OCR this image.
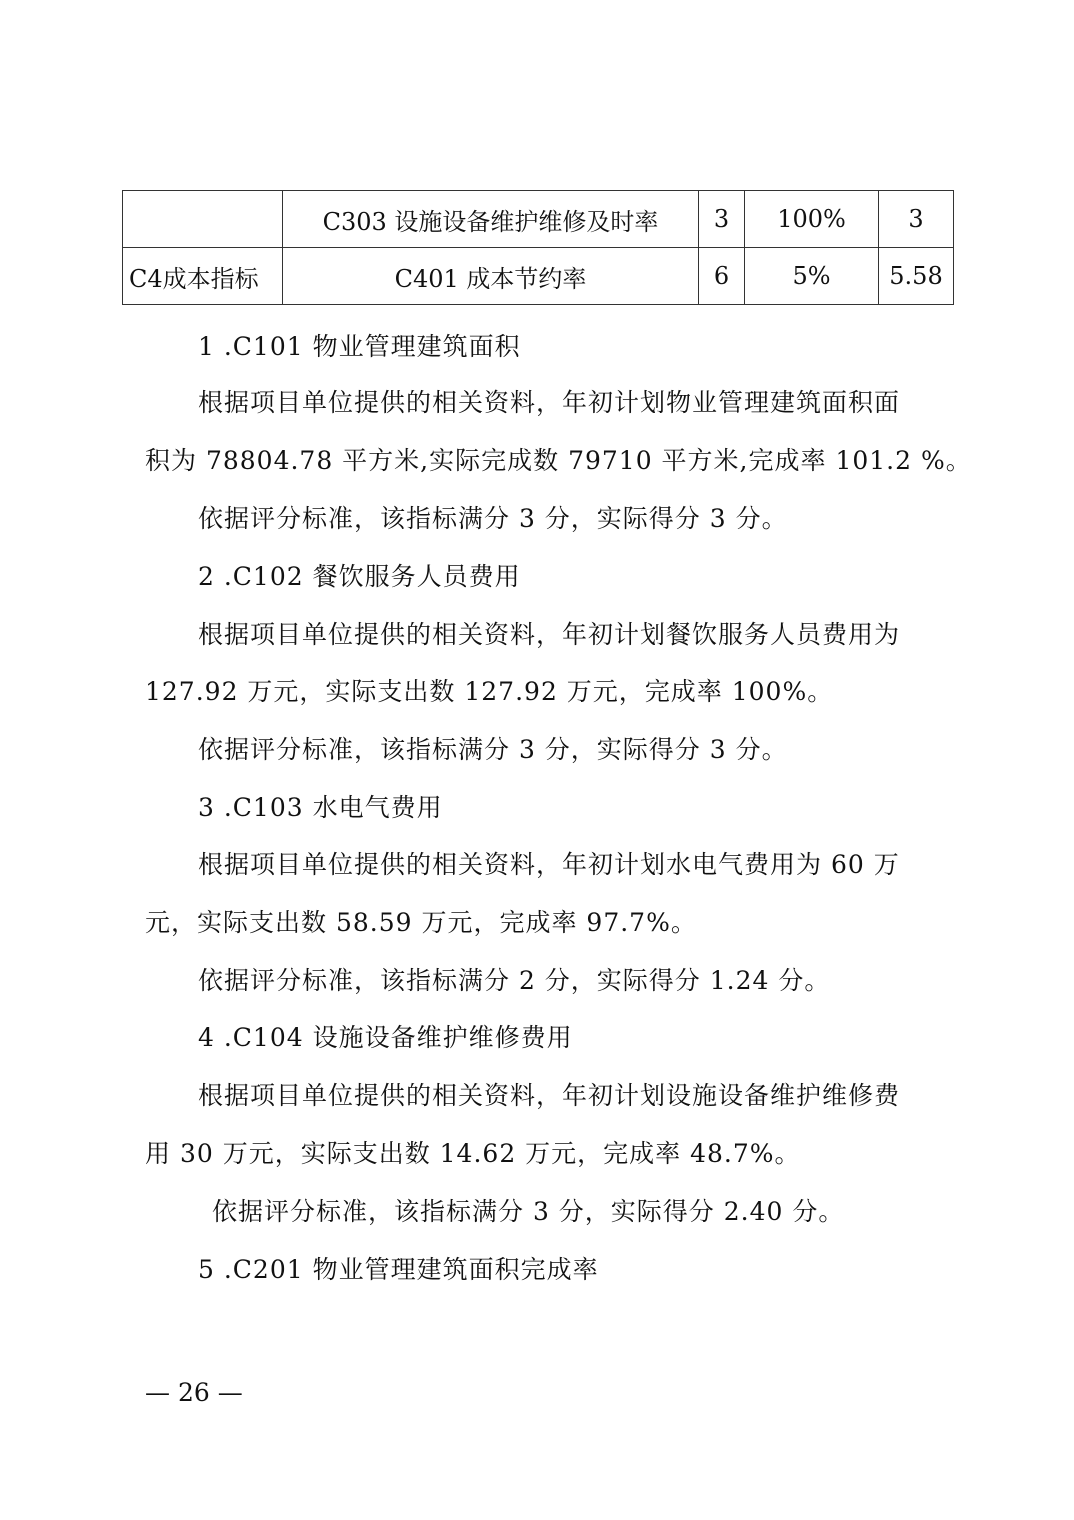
	C303 设施设备维护维修及时率	3	100%	3
C4成本指标	C401 成本节约率	6	5%	5.58
1 .C101 物业管理建筑面积
根据项目单位提供的相关资料，年初计划物业管理建筑面积面
积为 78804.78 平方米,实际完成数 79710 平方米,完成率 101.2 %。
依据评分标准，该指标满分 3 分，实际得分 3 分。
2 .C102 餐饮服务人员费用
根据项目单位提供的相关资料，年初计划餐饮服务人员费用为
127.92 万元，实际支出数 127.92 万元，完成率 100%。
依据评分标准，该指标满分 3 分，实际得分 3 分。
3 .C103 水电气费用
根据项目单位提供的相关资料，年初计划水电气费用为 60 万
元，实际支出数 58.59 万元，完成率 97.7%。
依据评分标准，该指标满分 2 分，实际得分 1.24 分。
4 .C104 设施设备维护维修费用
根据项目单位提供的相关资料，年初计划设施设备维护维修费
用 30 万元，实际支出数 14.62 万元，完成率 48.7%。
依据评分标准，该指标满分 3 分，实际得分 2.40 分。
5 .C201 物业管理建筑面积完成率
— 26 —
